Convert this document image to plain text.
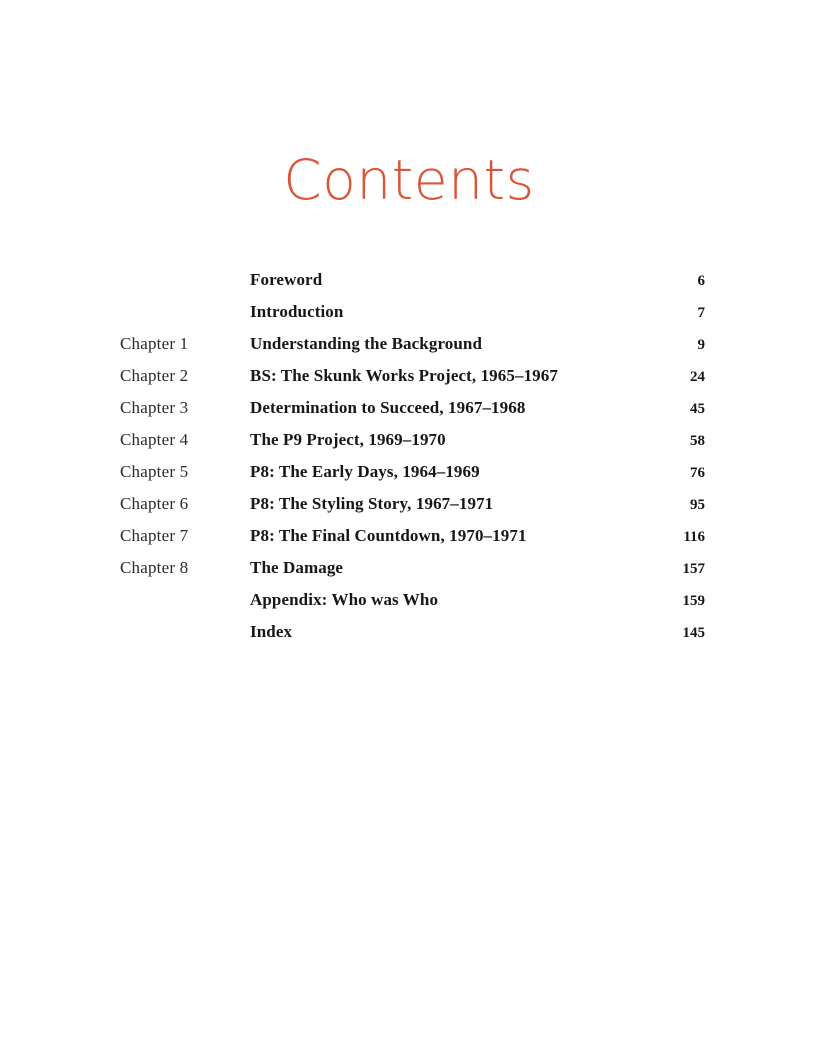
Contents
Foreword	6
Introduction	7
Chapter 1	Understanding the Background	9
Chapter 2	BS: The Skunk Works Project, 1965–1967	24
Chapter 3	Determination to Succeed, 1967–1968	45
Chapter 4	The P9 Project, 1969–1970	58
Chapter 5	P8: The Early Days, 1964–1969	76
Chapter 6	P8: The Styling Story, 1967–1971	95
Chapter 7	P8: The Final Countdown, 1970–1971	116
Chapter 8	The Damage	157
Appendix: Who was Who	159
Index	145
